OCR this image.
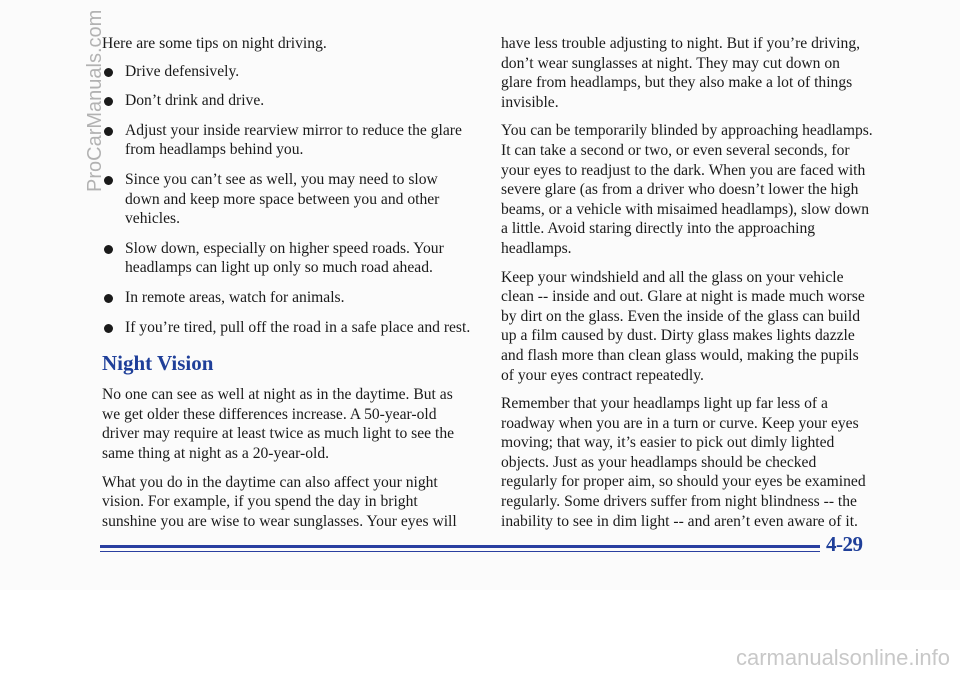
Here are some tips on night driving.

Drive defensively.
Don’t drink and drive.
Adjust your inside rearview mirror to reduce the glare from headlamps behind you.
Since you can’t see as well, you may need to slow down and keep more space between you and other vehicles.
Slow down, especially on higher speed roads. Your headlamps can light up only so much road ahead.
In remote areas, watch for animals.
If you’re tired, pull off the road in a safe place and rest.
Night Vision

No one can see as well at night as in the daytime. But as we get older these differences increase. A 50-year-old driver may require at least twice as much light to see the same thing at night as a 20-year-old.

What you do in the daytime can also affect your night vision. For example, if you spend the day in bright sunshine you are wise to wear sunglasses. Your eyes will

have less trouble adjusting to night. But if you’re driving, don’t wear sunglasses at night. They may cut down on glare from headlamps, but they also make a lot of things invisible.

You can be temporarily blinded by approaching headlamps. It can take a second or two, or even several seconds, for your eyes to readjust to the dark. When you are faced with severe glare (as from a driver who doesn’t lower the high beams, or a vehicle with misaimed headlamps), slow down a little. Avoid staring directly into the approaching headlamps.

Keep your windshield and all the glass on your vehicle clean -- inside and out. Glare at night is made much worse by dirt on the glass. Even the inside of the glass can build up a film caused by dust. Dirty glass makes lights dazzle and flash more than clean glass would, making the pupils of your eyes contract repeatedly.

Remember that your headlamps light up far less of a roadway when you are in a turn or curve. Keep your eyes moving; that way, it’s easier to pick out dimly lighted objects. Just as your headlamps should be checked regularly for proper aim, so should your eyes be examined regularly. Some drivers suffer from night blindness -- the inability to see in dim light -- and aren’t even aware of it.

4-29
ProCarManuals.com
carmanualsonline.info
